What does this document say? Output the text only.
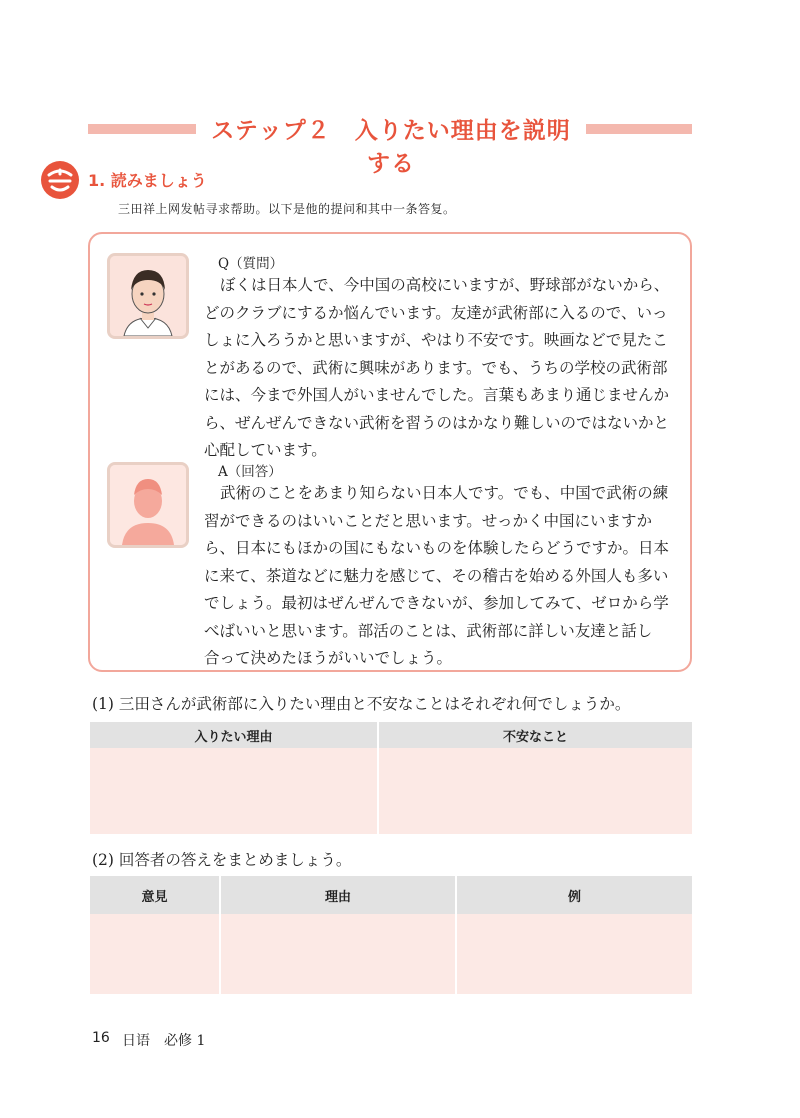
ステップ２　入りたい理由を説明する
1. 読みましょう
三田祥上网发帖寻求帮助。以下是他的提问和其中一条答复。
Q（質問）

ぼくは日本人で、今中国の高校にいますが、野球部がないから、
どのクラブにするか悩んでいます。友達が武術部に入るので、いっ
しょに入ろうかと思いますが、やはり不安です。映画などで見たこ
とがあるので、武術に興味があります。でも、うちの学校の武術部
には、今まで外国人がいませんでした。言葉もあまり通じませんか
ら、ぜんぜんできない武術を習うのはかなり難しいのではないかと
心配しています。

A（回答）

武術のことをあまり知らない日本人です。でも、中国で武術の練
習ができるのはいいことだと思います。せっかく中国にいますか
ら、日本にもほかの国にもないものを体験したらどうですか。日本
に来て、茶道などに魅力を感じて、その稽古を始める外国人も多い
でしょう。最初はぜんぜんできないが、参加してみて、ゼロから学
べばいいと思います。部活のことは、武術部に詳しい友達と話し
合って決めたほうがいいでしょう。

(1) 三田さんが武術部に入りたい理由と不安なことはそれぞれ何でしょうか。
入りたい理由	不安なこと

(2) 回答者の答えをまとめましょう。
意見	理由	例

16 日语　必修 1
